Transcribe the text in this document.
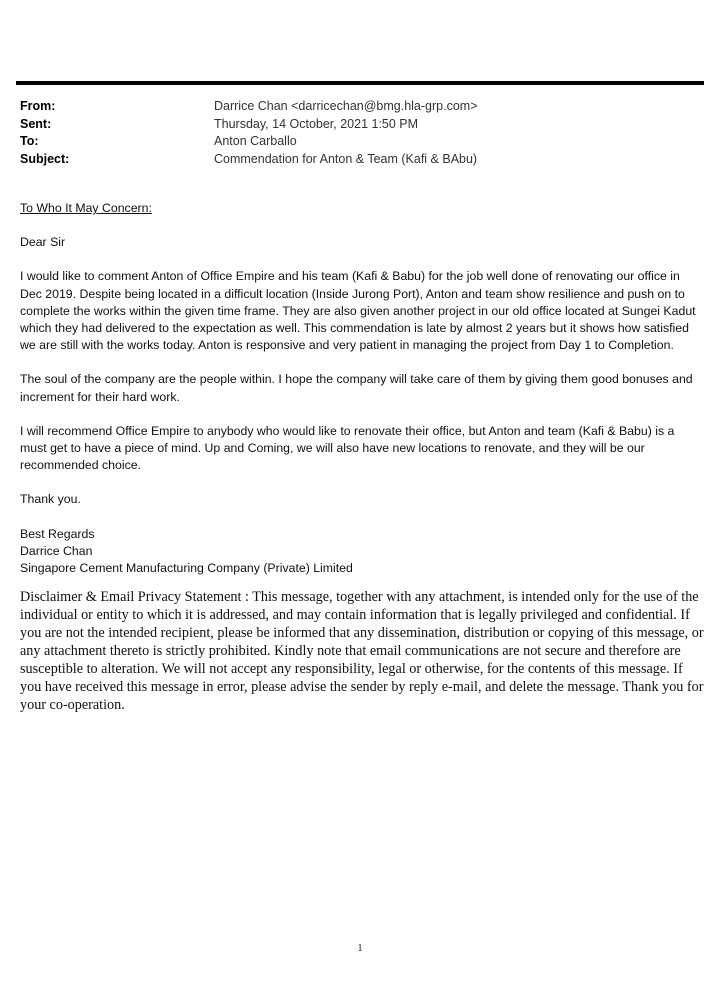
From:	Darrice Chan <darricechan@bmg.hla-grp.com>
Sent:	Thursday, 14 October, 2021 1:50 PM
To:	Anton Carballo
Subject:	Commendation for Anton & Team (Kafi & BAbu)

To Who It May Concern:

Dear Sir

I would like to comment Anton of Office Empire and his team (Kafi & Babu) for the job well done of renovating our office in Dec 2019. Despite being located in a difficult location (Inside Jurong Port), Anton and team show resilience and push on to complete the works within the given time frame. They are also given another project in our old office located at Sungei Kadut which they had delivered to the expectation as well. This commendation is late by almost 2 years but it shows how satisfied we are still with the works today. Anton is responsive and very patient in managing the project from Day 1 to Completion.

The soul of the company are the people within. I hope the company will take care of them by giving them good bonuses and increment for their hard work.

I will recommend Office Empire to anybody who would like to renovate their office, but Anton and team (Kafi & Babu) is a must get to have a piece of mind. Up and Coming, we will also have new locations to renovate, and they will be our recommended choice.

Thank you.

Best Regards

Darrice Chan

Singapore Cement Manufacturing Company (Private) Limited

Disclaimer & Email Privacy Statement : This message, together with any attachment, is intended only for the use of the individual or entity to which it is addressed, and may contain information that is legally privileged and confidential. If you are not the intended recipient, please be informed that any dissemination, distribution or copying of this message, or any attachment thereto is strictly prohibited. Kindly note that email communications are not secure and therefore are susceptible to alteration. We will not accept any responsibility, legal or otherwise, for the contents of this message. If you have received this message in error, please advise the sender by reply e-mail, and delete the message. Thank you for your co-operation.
1
